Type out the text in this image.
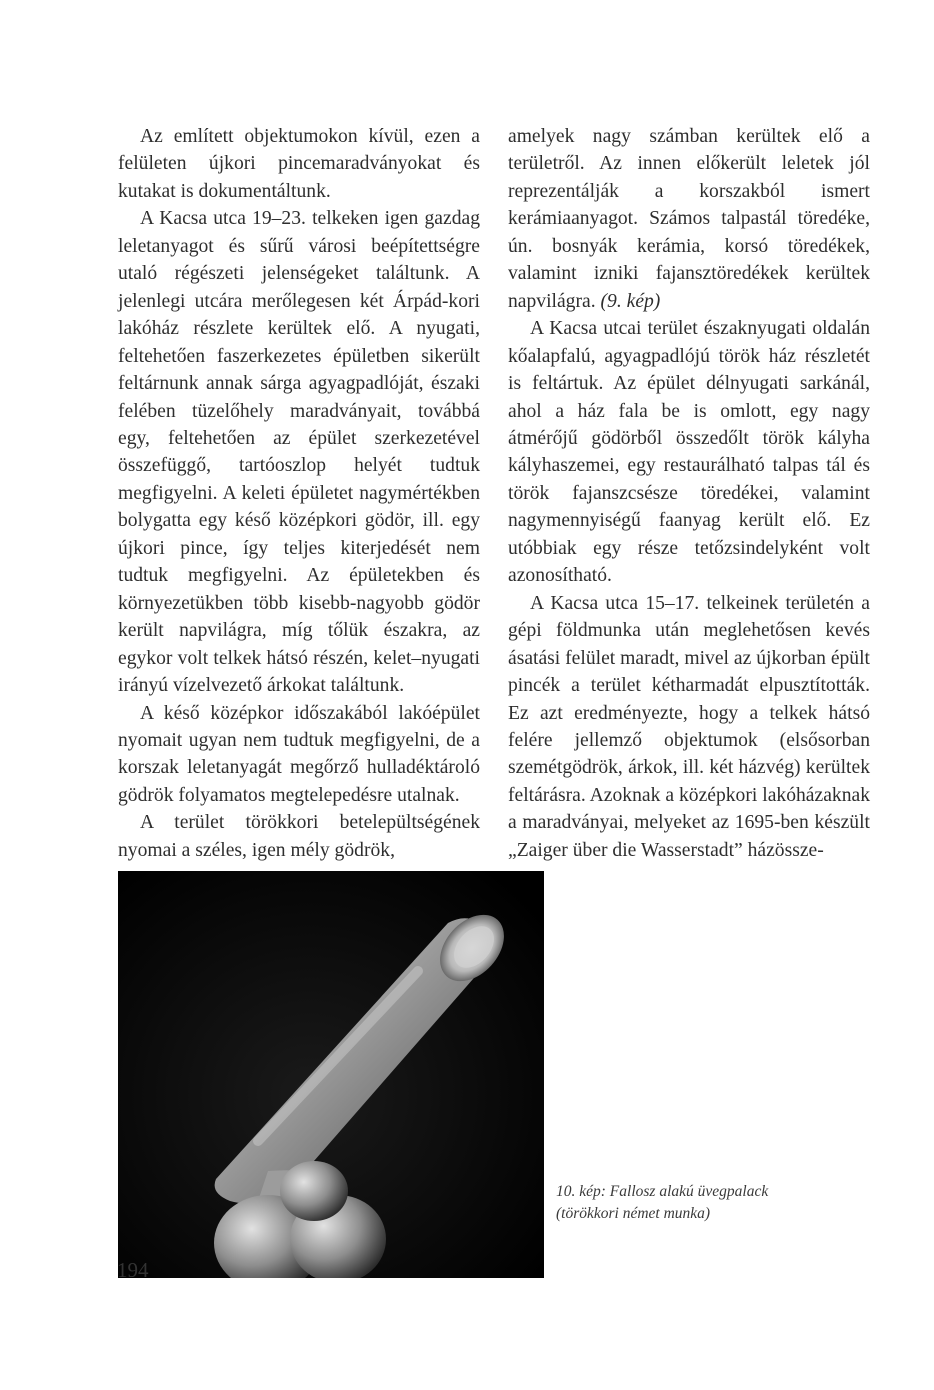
Az említett objektumokon kívül, ezen a felületen újkori pincemaradványokat és kutakat is dokumentáltunk.

A Kacsa utca 19–23. telkeken igen gazdag leletanyagot és sűrű városi beépítettségre utaló régészeti jelenségeket találtunk. A jelenlegi utcára merőlegesen két Árpád-kori lakóház részlete kerültek elő. A nyugati, feltehetően faszerkezetes épületben sikerült feltárnunk annak sárga agyagpadlóját, északi felében tüzelőhely maradványait, továbbá egy, feltehetően az épület szerkezetével összefüggő, tartóoszlop helyét tudtuk megfigyelni. A keleti épületet nagymértékben bolygatta egy késő középkori gödör, ill. egy újkori pince, így teljes kiterjedését nem tudtuk megfigyelni. Az épületekben és környezetükben több kisebb-nagyobb gödör került napvilágra, míg tőlük északra, az egykor volt telkek hátsó részén, kelet–nyugati irányú vízelvezető árkokat találtunk.

A késő középkor időszakából lakóépület nyomait ugyan nem tudtuk megfigyelni, de a korszak leletanyagát megőrző hulladéktároló gödrök folyamatos megtelepedésre utalnak.

A terület törökkori betelepültségének nyomai a széles, igen mély gödrök,

amelyek nagy számban kerültek elő a területről. Az innen előkerült leletek jól reprezentálják a korszakból ismert kerámiaanyagot. Számos talpastál töredéke, ún. bosnyák kerámia, korsó töredékek, valamint izniki fajansztöredékek kerültek napvilágra. (9. kép)

A Kacsa utcai terület északnyugati oldalán kőalapfalú, agyagpadlójú török ház részletét is feltártuk. Az épület délnyugati sarkánál, ahol a ház fala be is omlott, egy nagy átmérőjű gödörből összedőlt török kályha kályhaszemei, egy restaurálható talpas tál és török fajanszcsésze töredékei, valamint nagymennyiségű faanyag került elő. Ez utóbbiak egy része tetőzsindelyként volt azonosítható.

A Kacsa utca 15–17. telkeinek területén a gépi földmunka után meglehetősen kevés ásatási felület maradt, mivel az újkorban épült pincék a terület kétharmadát elpusztították. Ez azt eredményezte, hogy a telkek hátsó felére jellemző objektumok (elsősorban szemétgödrök, árkok, ill. két házvég) kerültek feltárásra. Azoknak a középkori lakóházaknak a maradványai, melyeket az 1695-ben készült „Zaiger über die Wasserstadt” házössze-

10. kép: Fallosz alakú üvegpalack (törökkori német munka)
194
